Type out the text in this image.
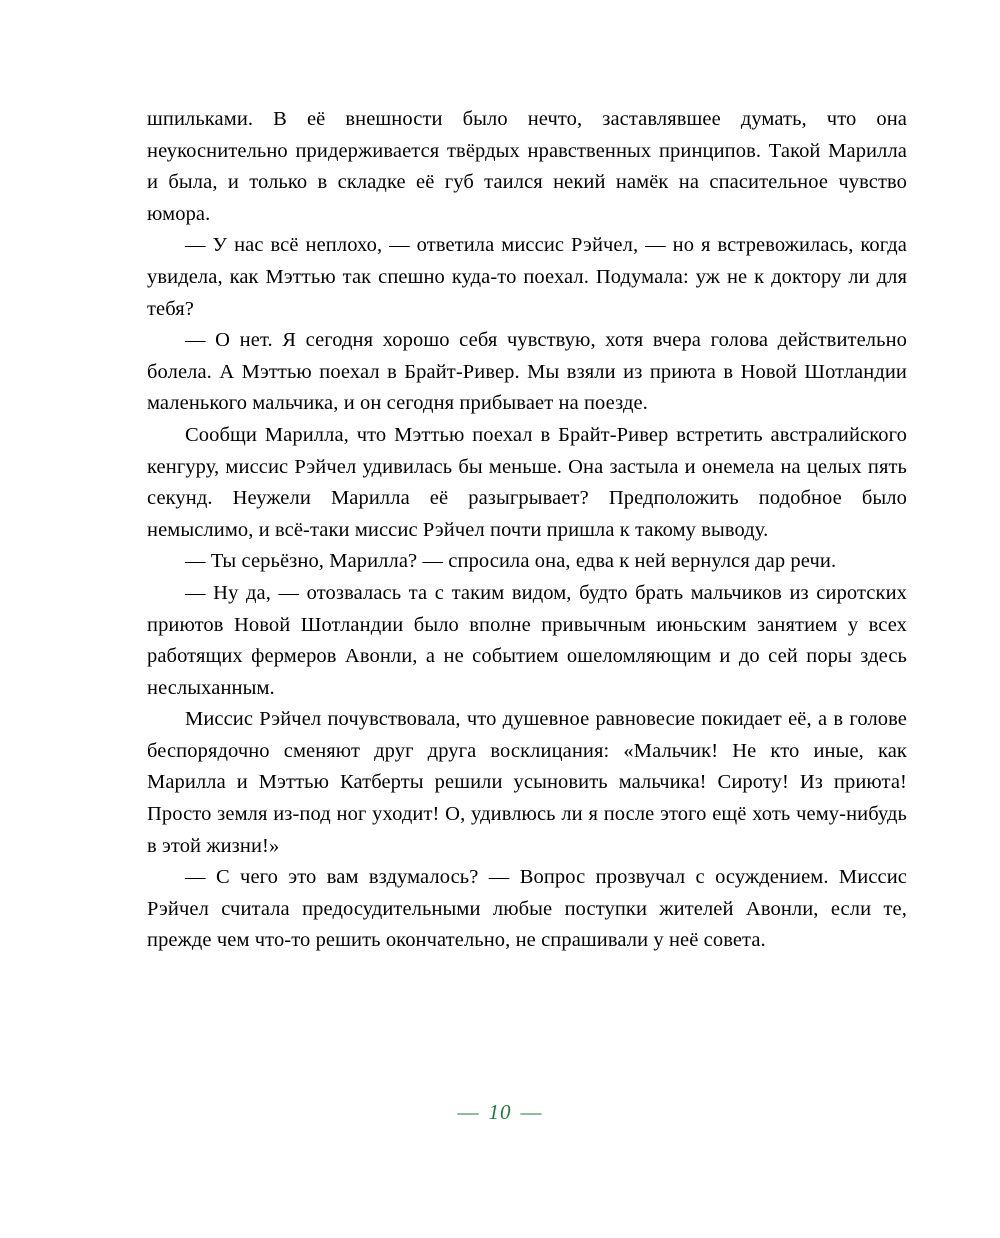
шпильками. В её внешности было нечто, заставлявшее думать, что она неукоснительно придерживается твёрдых нравственных принципов. Такой Марилла и была, и только в складке её губ таился некий намёк на спасительное чувство юмора.

— У нас всё неплохо, — ответила миссис Рэйчел, — но я встревожилась, когда увидела, как Мэттью так спешно куда-то поехал. Подумала: уж не к доктору ли для тебя?

— О нет. Я сегодня хорошо себя чувствую, хотя вчера голова действительно болела. А Мэттью поехал в Брайт-Ривер. Мы взяли из приюта в Новой Шотландии маленького мальчика, и он сегодня прибывает на поезде.

Сообщи Марилла, что Мэттью поехал в Брайт-Ривер встретить австралийского кенгуру, миссис Рэйчел удивилась бы меньше. Она застыла и онемела на целых пять секунд. Неужели Марилла её разыгрывает? Предположить подобное было немыслимо, и всё-таки миссис Рэйчел почти пришла к такому выводу.

— Ты серьёзно, Марилла? — спросила она, едва к ней вернулся дар речи.

— Ну да, — отозвалась та с таким видом, будто брать мальчиков из сиротских приютов Новой Шотландии было вполне привычным июньским занятием у всех работящих фермеров Авонли, а не событием ошеломляющим и до сей поры здесь неслыханным.

Миссис Рэйчел почувствовала, что душевное равновесие покидает её, а в голове беспорядочно сменяют друг друга восклицания: «Мальчик! Не кто иные, как Марилла и Мэттью Катберты решили усыновить мальчика! Сироту! Из приюта! Просто земля из-под ног уходит! О, удивлюсь ли я после этого ещё хоть чему-нибудь в этой жизни!»

— С чего это вам вздумалось? — Вопрос прозвучал с осуждением. Миссис Рэйчел считала предосудительными любые поступки жителей Авонли, если те, прежде чем что-то решить окончательно, не спрашивали у неё совета.

— 10 —
